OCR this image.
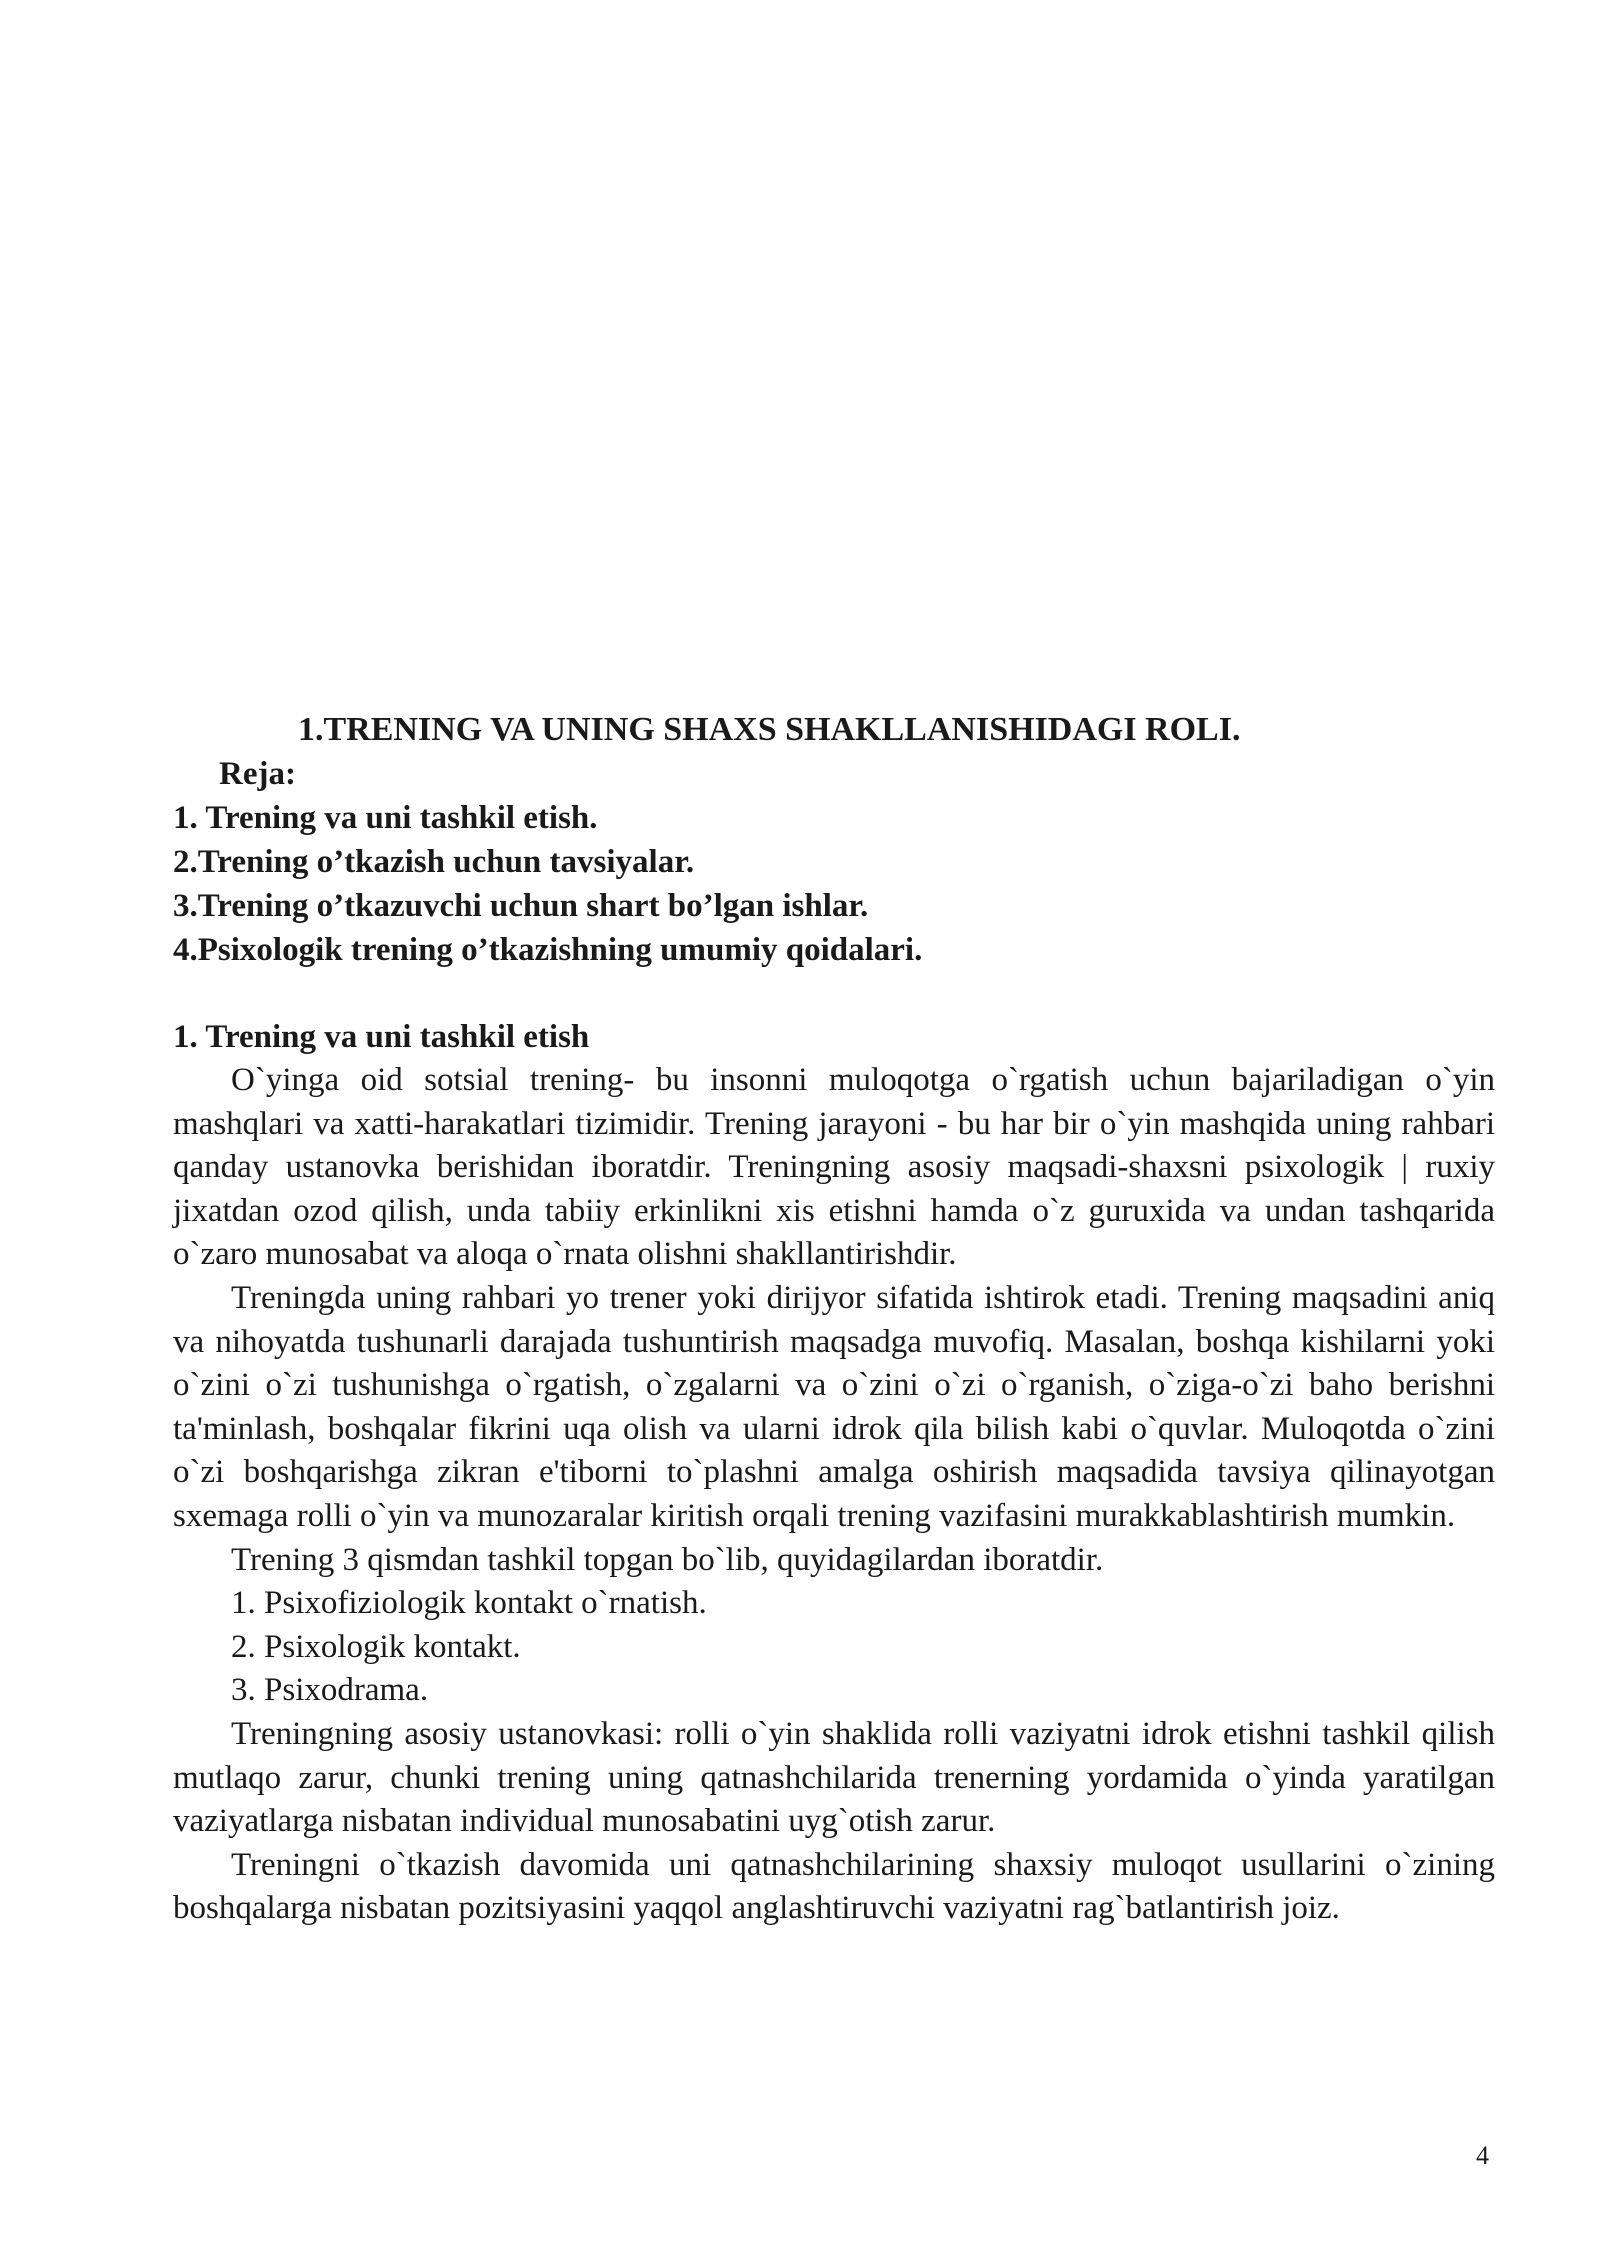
1.TRENING VA UNING SHAXS SHAKLLANISHIDAGI ROLI.
Reja:
1. Trening va uni tashkil etish.
2.Trening o’tkazish uchun tavsiyalar.
3.Trening o’tkazuvchi uchun shart bo’lgan ishlar.
4.Psixologik trening o’tkazishning umumiy qoidalari.
1. Trening va uni tashkil etish

O`yinga oid sotsial trening- bu insonni muloqotga o`rgatish uchun bajariladigan o`yin mashqlari va xatti-harakatlari tizimidir. Trening jarayoni - bu har bir o`yin mashqida uning rahbari qanday ustanovka berishidan iboratdir. Treningning asosiy maqsadi-shaxsni psixologik | ruxiy jixatdan ozod qilish, unda tabiiy erkinlikni xis etishni hamda o`z guruxida va undan tashqarida o`zaro munosabat va aloqa o`rnata olishni shakllantirishdir.

Treningda uning rahbari yo trener yoki dirijyor sifatida ishtirok etadi. Trening maqsadini aniq va nihoyatda tushunarli darajada tushuntirish maqsadga muvofiq. Masalan, boshqa kishilarni yoki o`zini o`zi tushunishga o`rgatish, o`zgalarni va o`zini o`zi o`rganish, o`ziga-o`zi baho berishni ta'minlash, boshqalar fikrini uqa olish va ularni idrok qila bilish kabi o`quvlar. Muloqotda o`zini o`zi boshqarishga zikran e'tiborni to`plashni amalga oshirish maqsadida tavsiya qilinayotgan sxemaga rolli o`yin va munozaralar kiritish orqali trening vazifasini murakkablashtirish mumkin.

Trening 3 qismdan tashkil topgan bo`lib, quyidagilardan iboratdir.

1. Psixofiziologik kontakt o`rnatish.
2. Psixologik kontakt.
3. Psixodrama.

Treningning asosiy ustanovkasi: rolli o`yin shaklida rolli vaziyatni idrok etishni tashkil qilish mutlaqo zarur, chunki trening uning qatnashchilarida trenerning yordamida o`yinda yaratilgan vaziyatlarga nisbatan individual munosabatini uyg`otish zarur.

Treningni o`tkazish davomida uni qatnashchilarining shaxsiy muloqot usullarini o`zining boshqalarga nisbatan pozitsiyasini yaqqol anglashtiruvchi vaziyatni rag`batlantirish joiz.

4
